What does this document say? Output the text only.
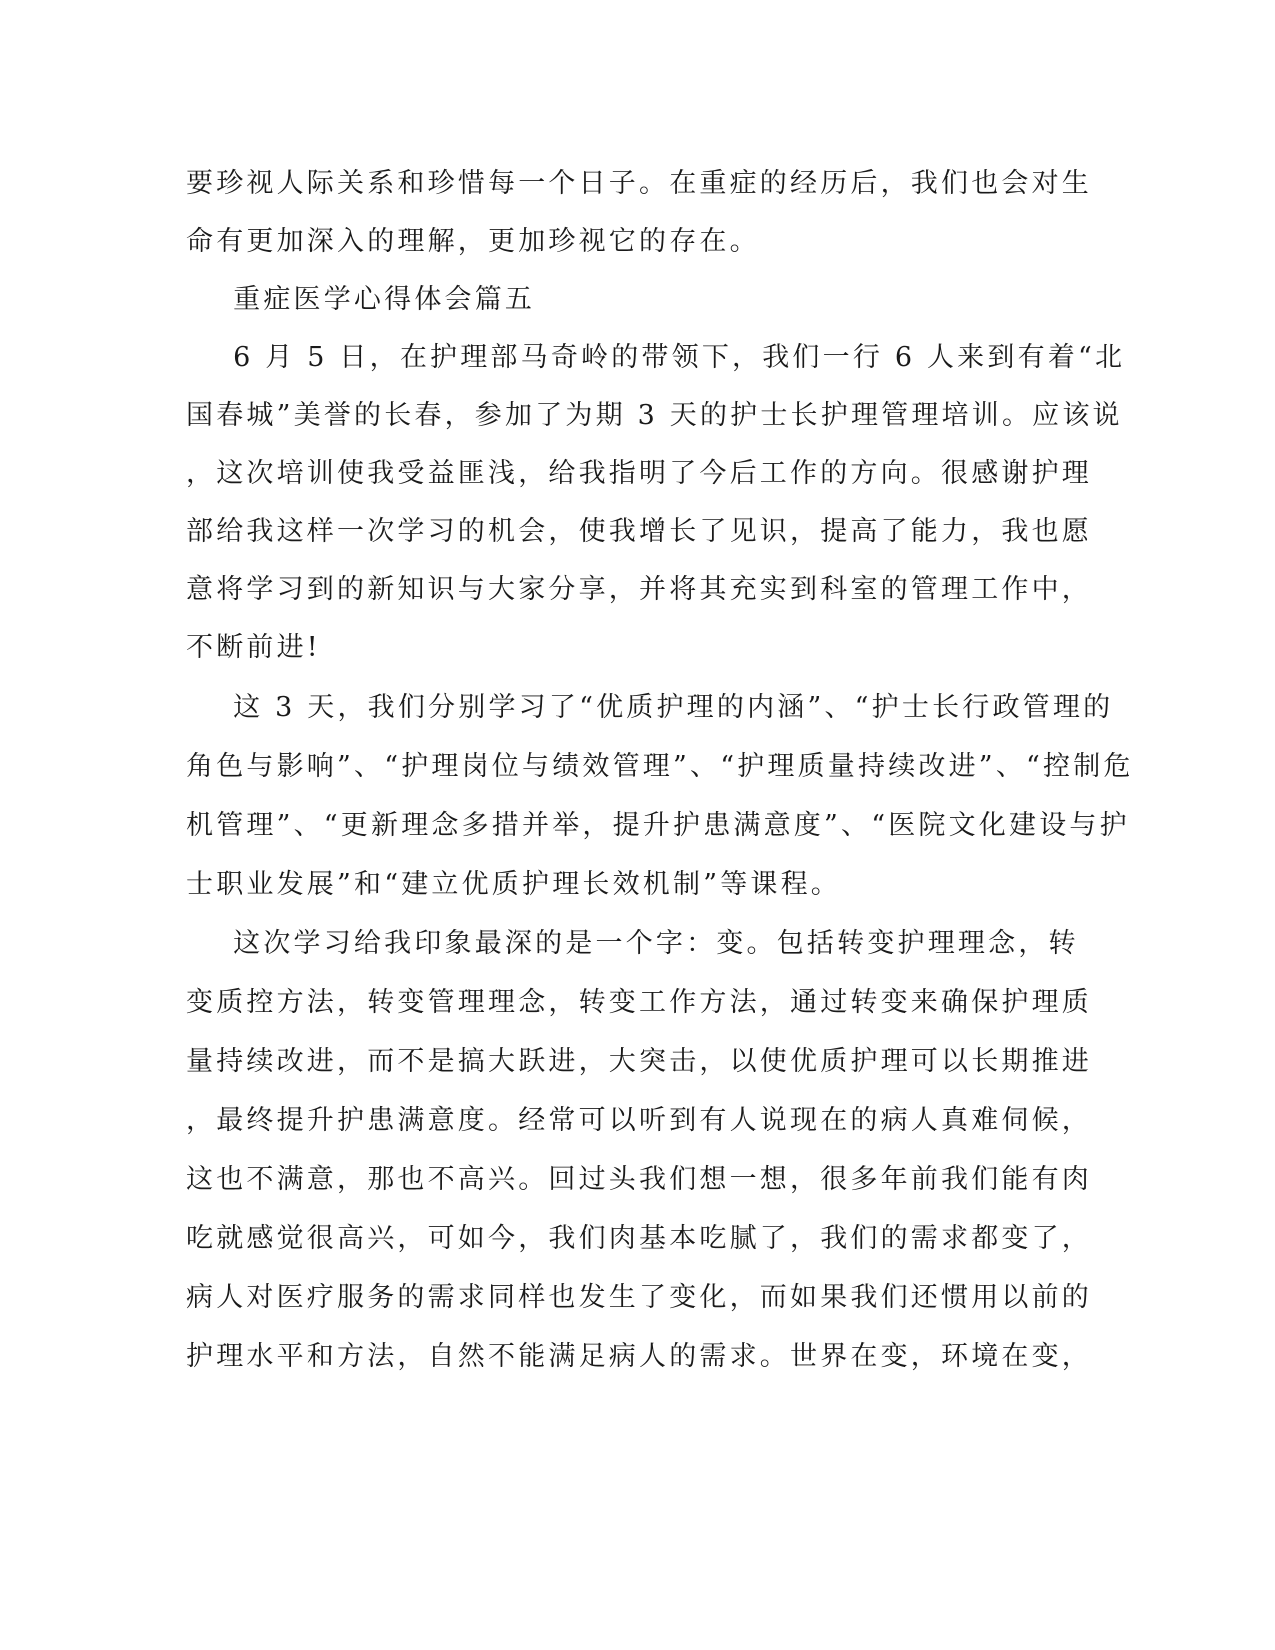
要珍视人际关系和珍惜每一个日子。在重症的经历后，我们也会对生

命有更加深入的理解，更加珍视它的存在。

重症医学心得体会篇五

6 月 5 日，在护理部马奇岭的带领下，我们一行 6 人来到有着“北

国春城”美誉的长春，参加了为期 3 天的护士长护理管理培训。应该说

，这次培训使我受益匪浅，给我指明了今后工作的方向。很感谢护理

部给我这样一次学习的机会，使我增长了见识，提高了能力，我也愿

意将学习到的新知识与大家分享，并将其充实到科室的管理工作中，

不断前进!

这 3 天，我们分别学习了“优质护理的内涵”、“护士长行政管理的

角色与影响”、“护理岗位与绩效管理”、“护理质量持续改进”、“控制危

机管理”、“更新理念多措并举，提升护患满意度”、“医院文化建设与护

士职业发展”和“建立优质护理长效机制”等课程。

这次学习给我印象最深的是一个字：变。包括转变护理理念，转

变质控方法，转变管理理念，转变工作方法，通过转变来确保护理质

量持续改进，而不是搞大跃进，大突击，以使优质护理可以长期推进

，最终提升护患满意度。经常可以听到有人说现在的病人真难伺候，

这也不满意，那也不高兴。回过头我们想一想，很多年前我们能有肉

吃就感觉很高兴，可如今，我们肉基本吃腻了，我们的需求都变了，

病人对医疗服务的需求同样也发生了变化，而如果我们还惯用以前的

护理水平和方法，自然不能满足病人的需求。世界在变，环境在变，
